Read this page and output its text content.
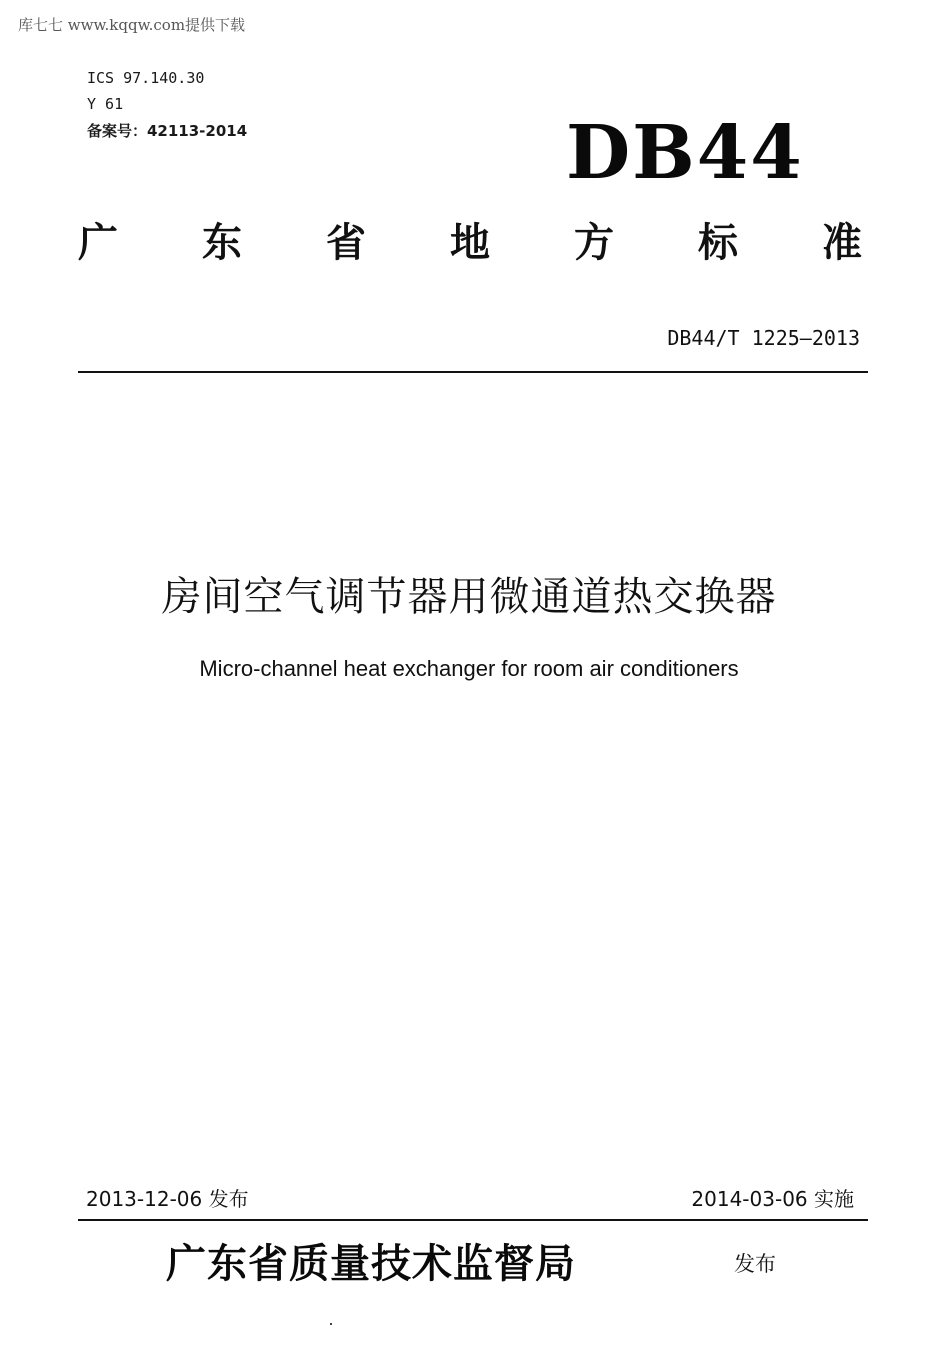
库七七 www.kqqw.com提供下载
ICS 97.140.30
Y 61
备案号：42113-2014	DB44
广 东 省 地 方 标 准
DB44/T 1225—2013
房间空气调节器用微通道热交换器
Micro-channel heat exchanger for room air conditioners
2013-12-06 发布	2014-03-06 实施
广东省质量技术监督局	发布
